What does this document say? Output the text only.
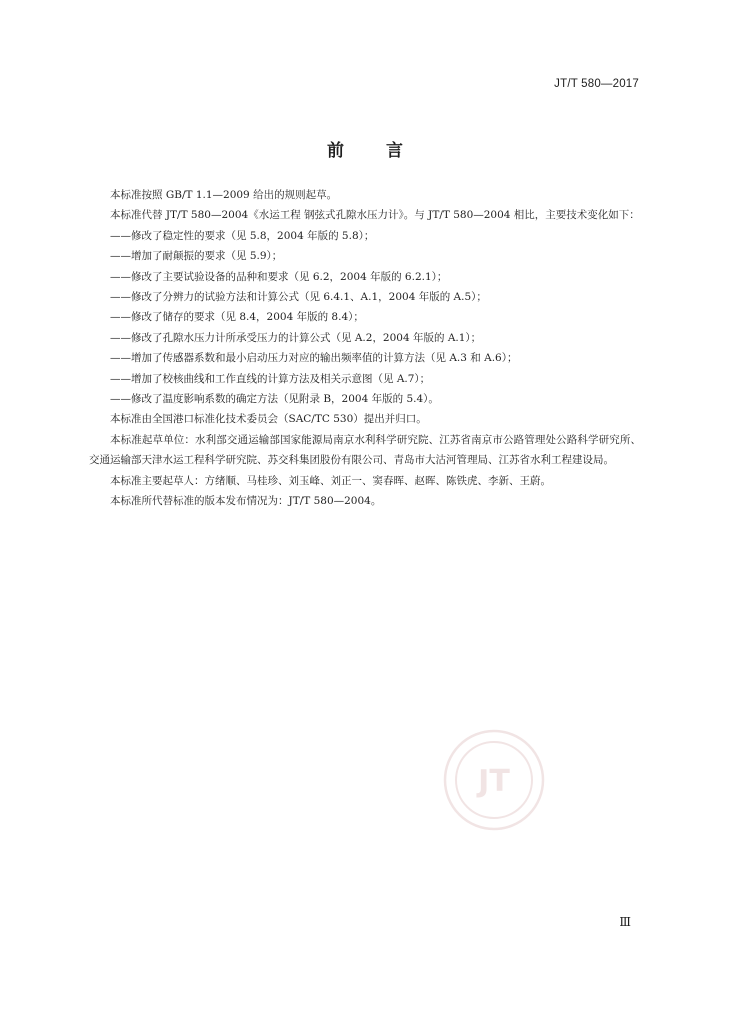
JT/T 580—2017
前言

本标准按照 GB/T 1.1—2009 给出的规则起草。

本标准代替 JT/T 580—2004《水运工程 钢弦式孔隙水压力计》。与 JT/T 580—2004 相比，主要技术变化如下：

——修改了稳定性的要求（见 5.8，2004 年版的 5.8）；

——增加了耐颠振的要求（见 5.9）；

——修改了主要试验设备的品种和要求（见 6.2，2004 年版的 6.2.1）；

——修改了分辨力的试验方法和计算公式（见 6.4.1、A.1，2004 年版的 A.5）；

——修改了储存的要求（见 8.4，2004 年版的 8.4）；

——修改了孔隙水压力计所承受压力的计算公式（见 A.2，2004 年版的 A.1）；

——增加了传感器系数和最小启动压力对应的输出频率值的计算方法（见 A.3 和 A.6）；

——增加了校核曲线和工作直线的计算方法及相关示意图（见 A.7）；

——修改了温度影响系数的确定方法（见附录 B，2004 年版的 5.4）。

本标准由全国港口标准化技术委员会（SAC/TC 530）提出并归口。

本标准起草单位：水利部交通运输部国家能源局南京水利科学研究院、江苏省南京市公路管理处公路科学研究所、交通运输部天津水运工程科学研究院、苏交科集团股份有限公司、青岛市大沽河管理局、江苏省水利工程建设局。

本标准主要起草人：方绪顺、马桂珍、刘玉峰、刘正一、窦春晖、赵晖、陈铁虎、李新、王蔚。

本标准所代替标准的版本发布情况为：JT/T 580—2004。

JT
Ⅲ
